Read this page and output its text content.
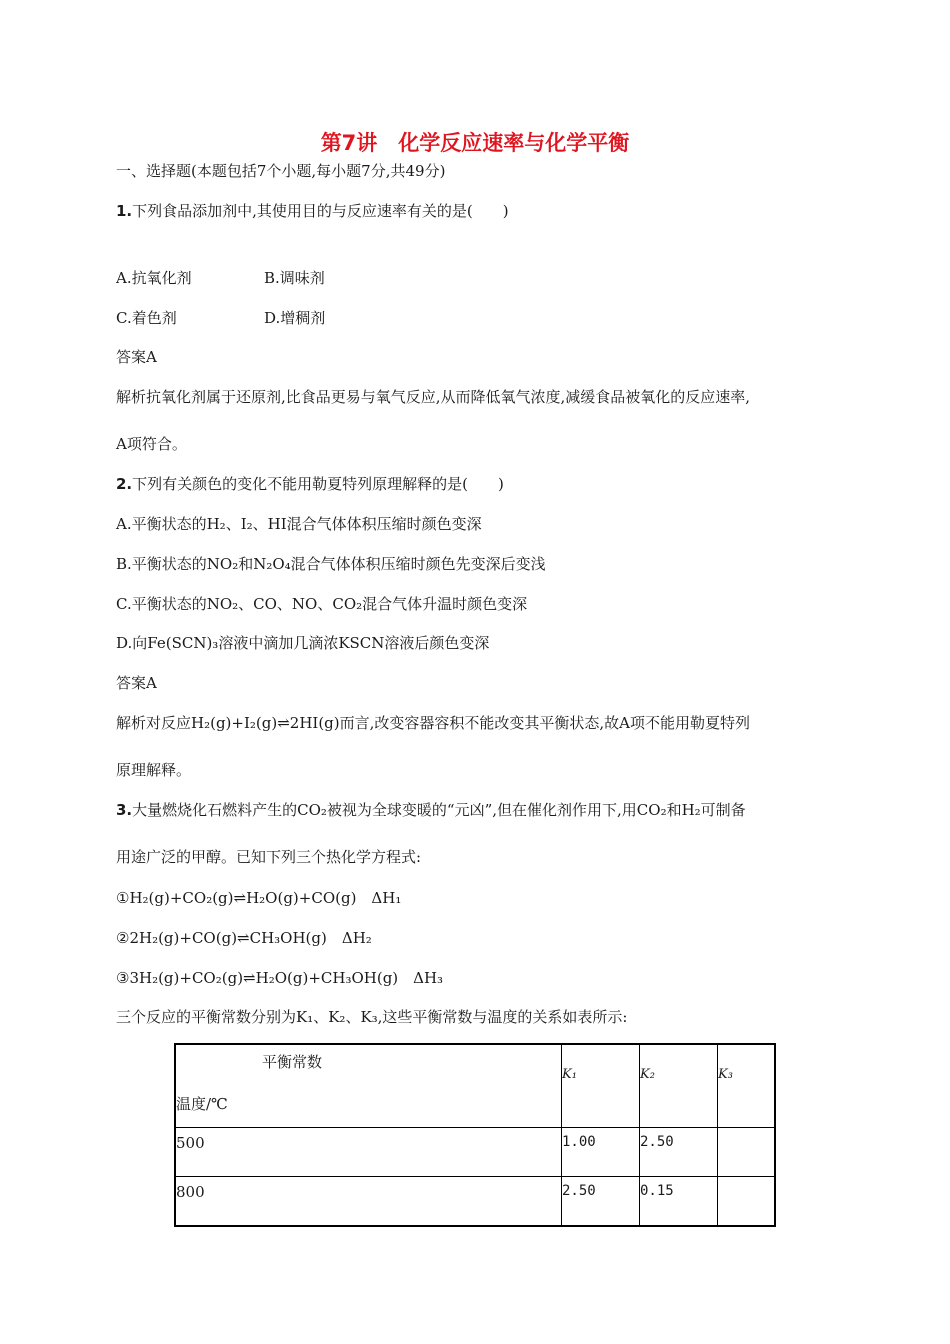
第7讲　化学反应速率与化学平衡
一、选择题(本题包括7个小题,每小题7分,共49分)
1.下列食品添加剂中,其使用目的与反应速率有关的是(　　)
A.抗氧化剂	B.调味剂
C.着色剂	D.增稠剂
答案A
解析抗氧化剂属于还原剂,比食品更易与氧气反应,从而降低氧气浓度,减缓食品被氧化的反应速率,
A项符合。
2.下列有关颜色的变化不能用勒夏特列原理解释的是(　　)
A.平衡状态的H₂、I₂、HI混合气体体积压缩时颜色变深
B.平衡状态的NO₂和N₂O₄混合气体体积压缩时颜色先变深后变浅
C.平衡状态的NO₂、CO、NO、CO₂混合气体升温时颜色变深
D.向Fe(SCN)₃溶液中滴加几滴浓KSCN溶液后颜色变深
答案A
解析对反应H₂(g)+I₂(g)⇌2HI(g)而言,改变容器容积不能改变其平衡状态,故A项不能用勒夏特列
原理解释。
3.大量燃烧化石燃料产生的CO₂被视为全球变暖的“元凶”,但在催化剂作用下,用CO₂和H₂可制备
用途广泛的甲醇。已知下列三个热化学方程式:
①H₂(g)+CO₂(g)⇌H₂O(g)+CO(g)　ΔH₁
②2H₂(g)+CO(g)⇌CH₃OH(g)　ΔH₂
③3H₂(g)+CO₂(g)⇌H₂O(g)+CH₃OH(g)　ΔH₃
三个反应的平衡常数分别为K₁、K₂、K₃,这些平衡常数与温度的关系如表所示:
平衡常数
温度/℃	K₁	K₂	K₃
500	1.00	2.50	
800	2.50	0.15	
